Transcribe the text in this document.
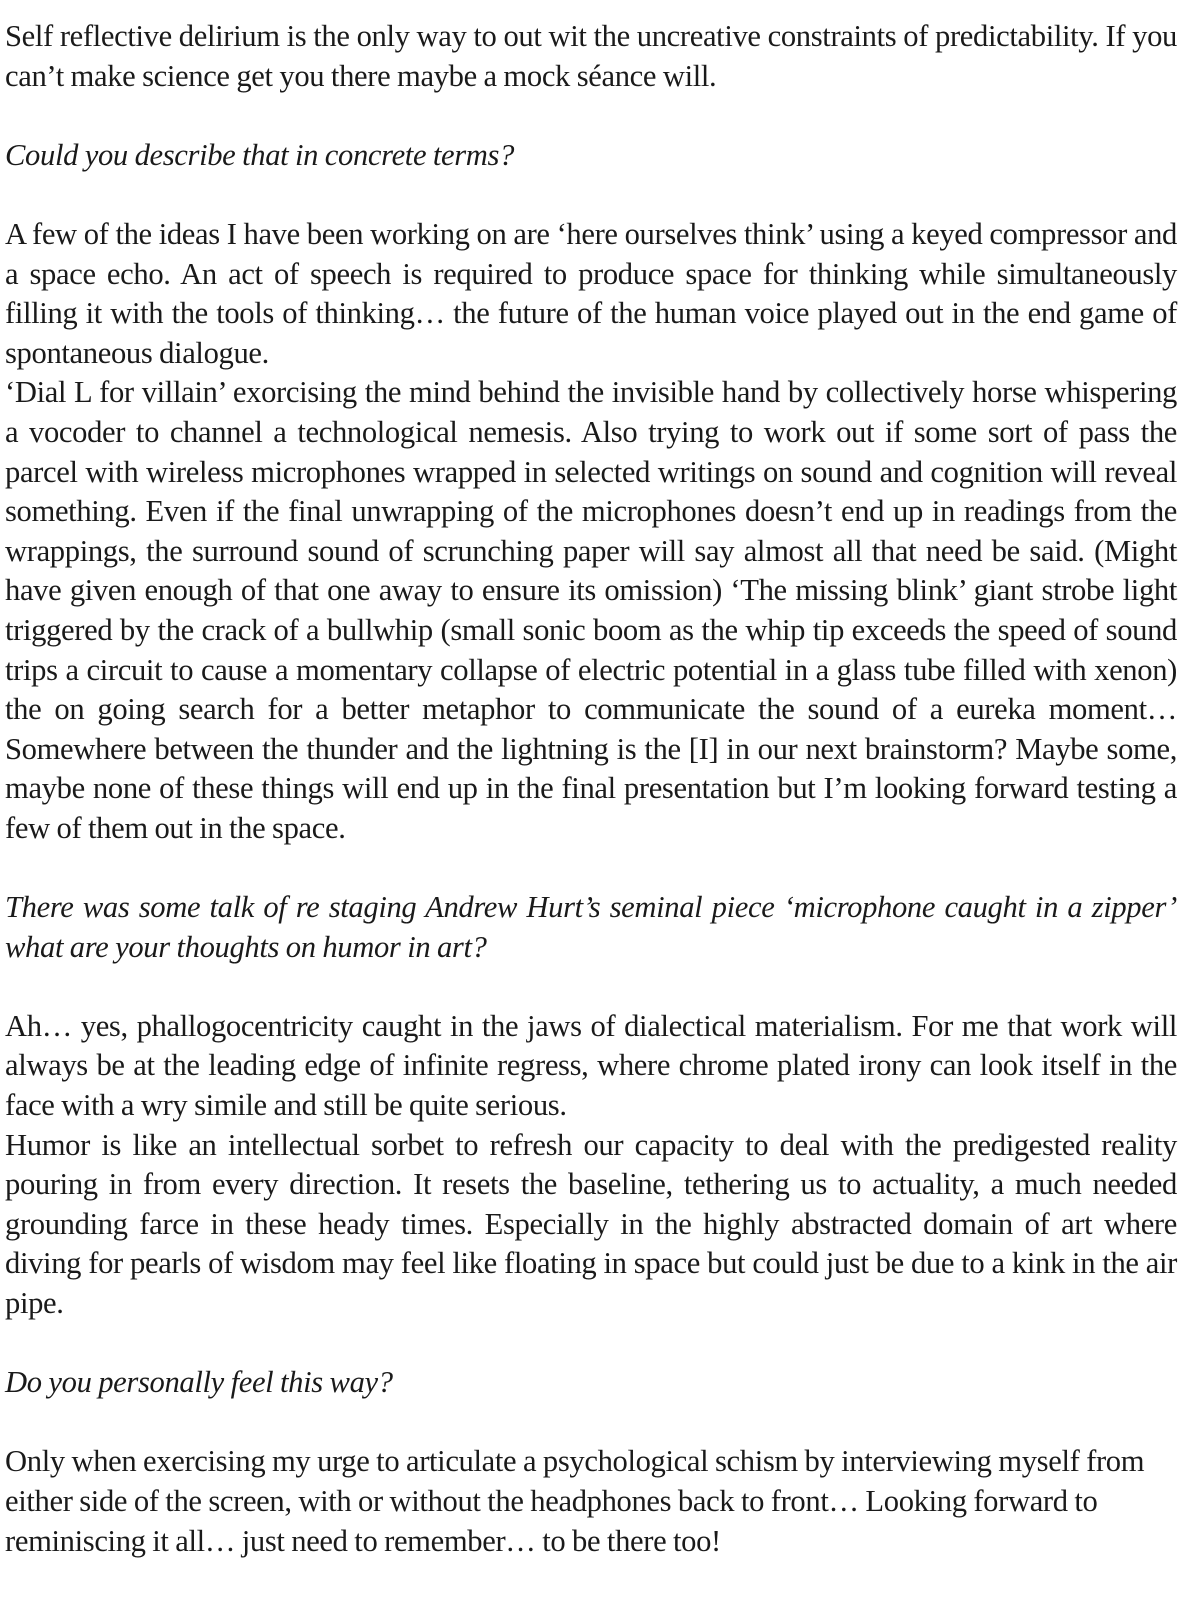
Self reflective delirium is the only way to out wit the uncreative constraints of predictability. If you can’t make science get you there maybe a mock séance will.

Could you describe that in concrete terms?

A few of the ideas I have been working on are ‘here ourselves think’ using a keyed compressor and a space echo. An act of speech is required to produce space for thinking while simultaneously filling it with the tools of thinking… the future of the human voice played out in the end game of spontaneous dialogue.

‘Dial L for villain’ exorcising the mind behind the invisible hand by collectively horse whispering a vocoder to channel a technological nemesis. Also trying to work out if some sort of pass the parcel with wireless microphones wrapped in selected writings on sound and cognition will reveal something. Even if the final unwrapping of the microphones doesn’t end up in readings from the wrappings, the surround sound of scrunching paper will say almost all that need be said. (Might have given enough of that one away to ensure its omission) ‘The missing blink’ giant strobe light triggered by the crack of a bullwhip (small sonic boom as the whip tip exceeds the speed of sound trips a circuit to cause a momentary collapse of electric potential in a glass tube filled with xenon) the on going search for a better metaphor to communicate the sound of a eureka moment… Somewhere between the thunder and the lightning is the [I] in our next brainstorm? Maybe some, maybe none of these things will end up in the final presentation but I’m looking forward testing a few of them out in the space.

There was some talk of re staging Andrew Hurt’s seminal piece ‘microphone caught in a zipper’ what are your thoughts on humor in art?

Ah… yes, phallogocentricity caught in the jaws of dialectical materialism. For me that work will always be at the leading edge of infinite regress, where chrome plated irony can look itself in the face with a wry simile and still be quite serious.

Humor is like an intellectual sorbet to refresh our capacity to deal with the predigested reality pouring in from every direction. It resets the baseline, tethering us to actuality, a much needed grounding farce in these heady times. Especially in the highly abstracted domain of art where diving for pearls of wisdom may feel like floating in space but could just be due to a kink in the air pipe.

Do you personally feel this way?

Only when exercising my urge to articulate a psychological schism by interviewing myself from either side of the screen, with or without the headphones back to front… Looking forward to reminiscing it all… just need to remember… to be there too!
